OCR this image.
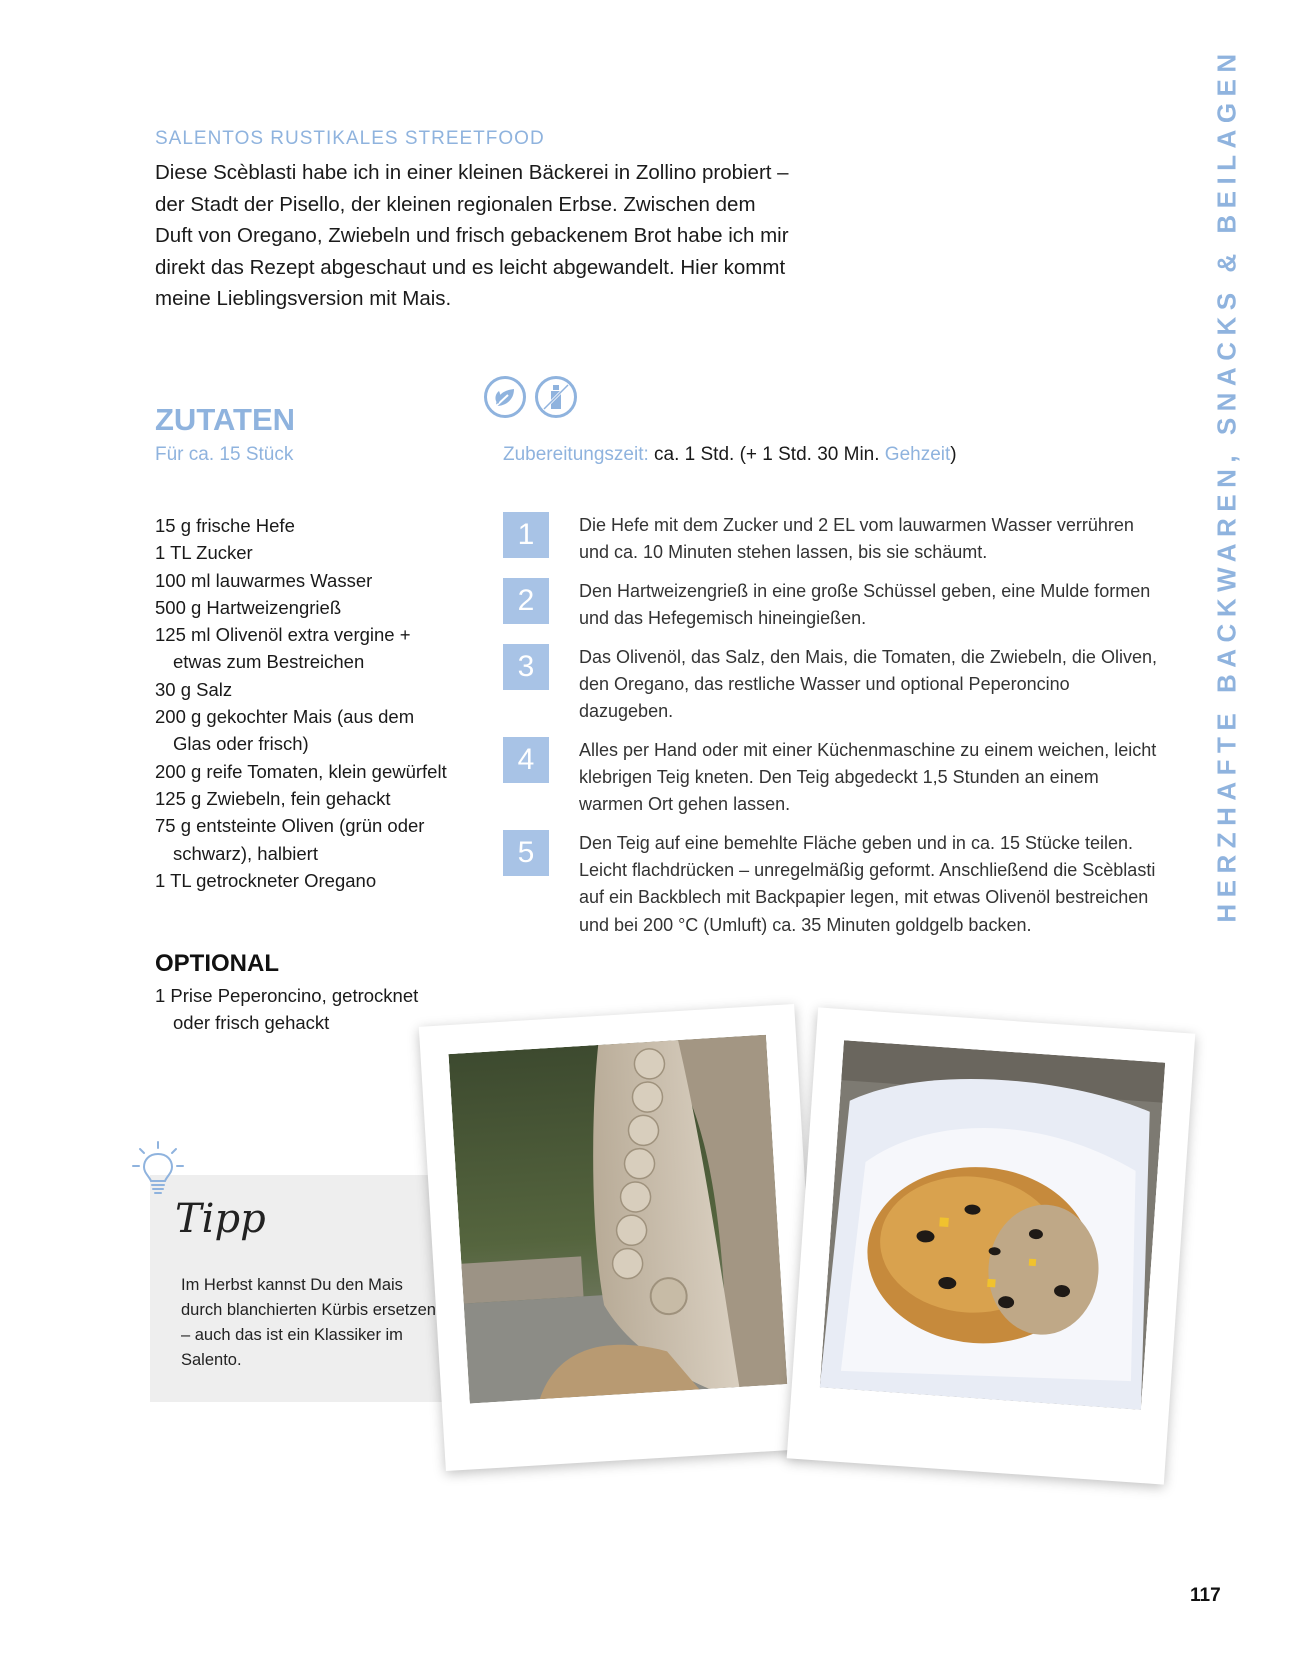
SALENTOS RUSTIKALES STREETFOOD
Diese Scèblasti habe ich in einer kleinen Bäckerei in Zollino probiert – der Stadt der Pisello, der kleinen regionalen Erbse. Zwischen dem Duft von Oregano, Zwiebeln und frisch gebackenem Brot habe ich mir direkt das Rezept abgeschaut und es leicht abgewandelt. Hier kommt meine Lieblingsversion mit Mais.
ZUTATEN
Für ca. 15 Stück	Zubereitungszeit: ca. 1 Std. (+ 1 Std. 30 Min. Gehzeit)
15 g frische Hefe
1 TL Zucker
100 ml lauwarmes Wasser
500 g Hartweizengrieß
125 ml Olivenöl extra vergine + etwas zum Bestreichen
30 g Salz
200 g gekochter Mais (aus dem Glas oder frisch)
200 g reife Tomaten, klein gewürfelt
125 g Zwiebeln, fein gehackt
75 g entsteinte Oliven (grün oder schwarz), halbiert
1 TL getrockneter Oregano
OPTIONAL
1 Prise Peperoncino, getrocknet oder frisch gehackt
1	Die Hefe mit dem Zucker und 2 EL vom lauwarmen Wasser verrühren und ca. 10 Minuten stehen lassen, bis sie schäumt.
2	Den Hartweizengrieß in eine große Schüssel geben, eine Mulde formen und das Hefegemisch hineingießen.
3	Das Olivenöl, das Salz, den Mais, die Tomaten, die Zwiebeln, die Oliven, den Oregano, das restliche Wasser und optional Peperoncino dazugeben.
4	Alles per Hand oder mit einer Küchenmaschine zu einem weichen, leicht klebrigen Teig kneten. Den Teig abgedeckt 1,5 Stunden an einem warmen Ort gehen lassen.
5	Den Teig auf eine bemehlte Fläche geben und in ca. 15 Stücke teilen. Leicht flachdrücken – unregelmäßig geformt. Anschließend die Scèblasti auf ein Backblech mit Backpapier legen, mit etwas Olivenöl bestreichen und bei 200 °C (Umluft) ca. 35 Minuten goldgelb backen.
HERZHAFTE BACKWAREN, SNACKS & BEILAGEN
Tipp
Im Herbst kannst Du den Mais durch blanchierten Kürbis ersetzen – auch das ist ein Klassiker im Salento.
117
